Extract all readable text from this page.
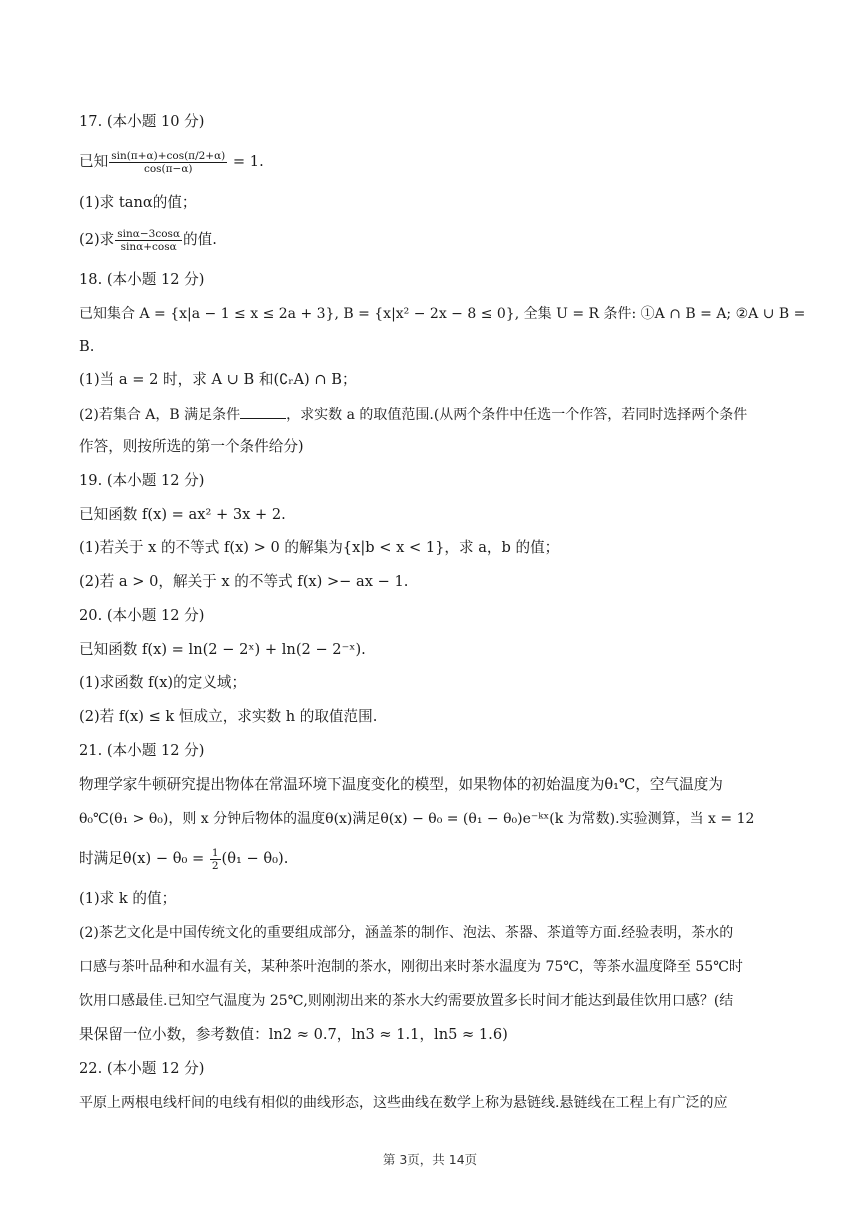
17. (本小题 10 分)
已知 $\frac{\sin(\pi+\alpha)+\cos(\pi/2+\alpha)}{\cos(\pi-\alpha)} = 1$.
(1)求 tanα的值；
(2)求 $\frac{\sin\alpha-3\cos\alpha}{\sin\alpha+\cos\alpha}$ 的值.
18. (本小题 12 分)
已知集合 A = {x|a − 1 ≤ x ≤ 2a + 3}, B = {x|x² − 2x − 8 ≤ 0}, 全集 U = R 条件: ①A ∩ B = A; ②A ∪ B =
B.
(1)当 a = 2 时，求 A ∪ B 和(∁ᵣA) ∩ B；
(2)若集合 A，B 满足条件	，求实数 a 的取值范围.(从两个条件中任选一个作答，若同时选择两个条件
作答，则按所选的第一个条件给分)
19. (本小题 12 分)
已知函数 f(x) = ax² + 3x + 2.
(1)若关于 x 的不等式 f(x) > 0 的解集为{x|b < x < 1}，求 a，b 的值；
(2)若 a > 0，解关于 x 的不等式 f(x) >− ax − 1.
20. (本小题 12 分)
已知函数 f(x) = ln(2 − 2ˣ) + ln(2 − 2⁻ˣ).
(1)求函数 f(x)的定义域；
(2)若 f(x) ≤ k 恒成立，求实数 h 的取值范围.
21. (本小题 12 分)
物理学家牛顿研究提出物体在常温环境下温度变化的模型，如果物体的初始温度为θ₁℃，空气温度为
θ₀℃(θ₁ > θ₀)，则 x 分钟后物体的温度θ(x)满足θ(x) − θ₀ = (θ₁ − θ₀)e⁻ᵏˣ(k 为常数).实验测算，当 x = 12
时满足$\theta(x) - \theta_0 = \frac{1}{2} (\theta_1 - \theta_0)$.
(1)求 k 的值；
(2)茶艺文化是中国传统文化的重要组成部分，涵盖茶的制作、泡法、茶器、茶道等方面.经验表明，茶水的
口感与茶叶品种和水温有关，某种茶叶泡制的茶水，刚彻出来时茶水温度为 75℃，等茶水温度降至 55℃时
饮用口感最佳.已知空气温度为 25℃,则刚沏出来的茶水大约需要放置多长时间才能达到最佳饮用口感？(结
果保留一位小数，参考数值：ln2 ≈ 0.7，ln3 ≈ 1.1，ln5 ≈ 1.6)
22. (本小题 12 分)
平原上两根电线杆间的电线有相似的曲线形态，这些曲线在数学上称为悬链线.悬链线在工程上有广泛的应
第 3页，共 14页
